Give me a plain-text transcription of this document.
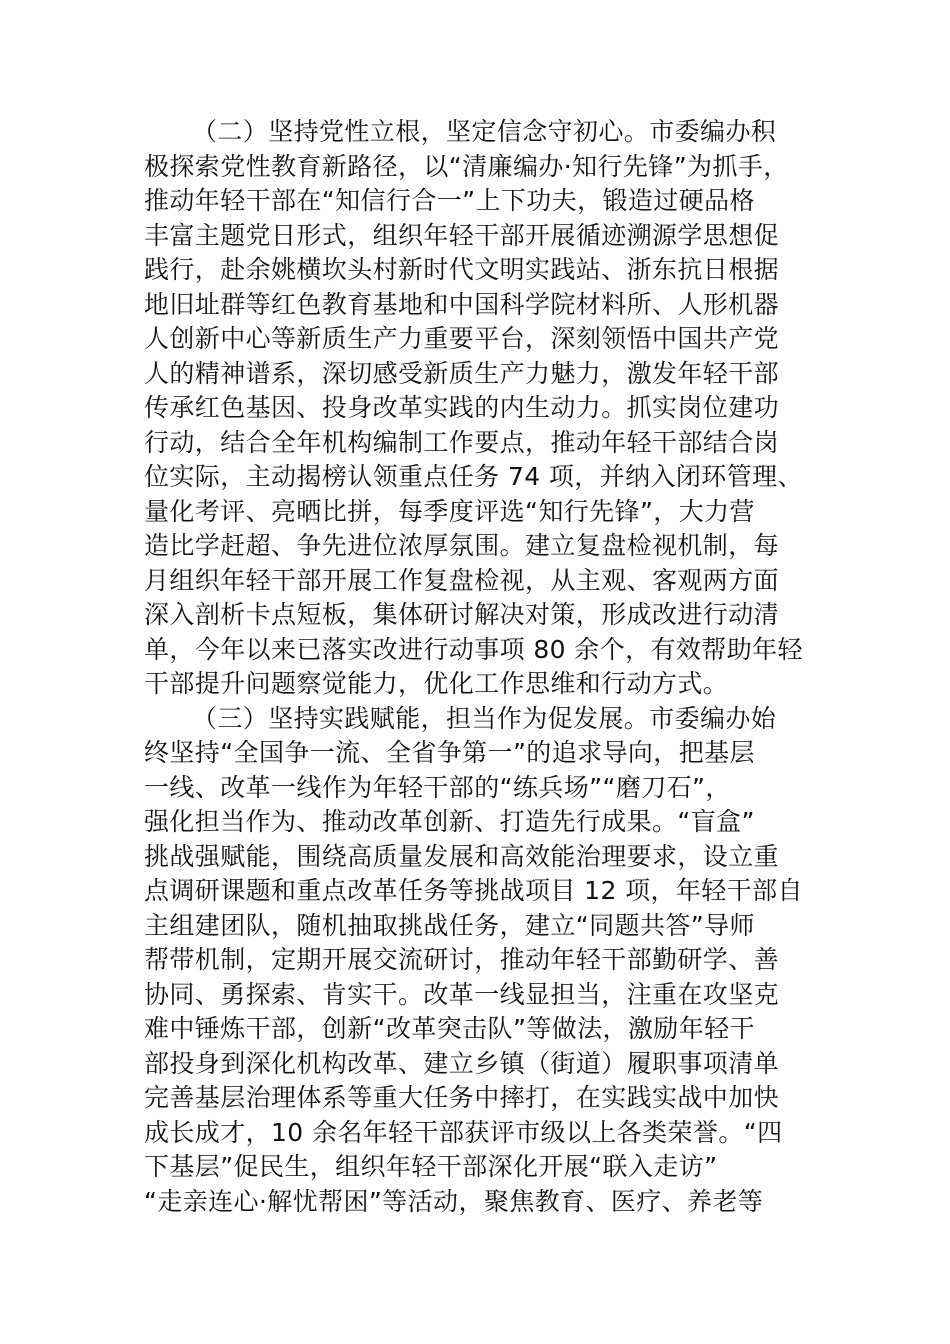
（二）坚持党性立根，坚定信念守初心。市委编办积
极探索党性教育新路径，以“清廉编办·知行先锋”为抓手，
推动年轻干部在“知信行合一”上下功夫，锻造过硬品格
丰富主题党日形式，组织年轻干部开展循迹溯源学思想促
践行，赴余姚横坎头村新时代文明实践站、浙东抗日根据
地旧址群等红色教育基地和中国科学院材料所、人形机器
人创新中心等新质生产力重要平台，深刻领悟中国共产党
人的精神谱系，深切感受新质生产力魅力，激发年轻干部
传承红色基因、投身改革实践的内生动力。抓实岗位建功
行动，结合全年机构编制工作要点，推动年轻干部结合岗
位实际，主动揭榜认领重点任务 74 项，并纳入闭环管理、
量化考评、亮晒比拼，每季度评选“知行先锋”，大力营
造比学赶超、争先进位浓厚氛围。建立复盘检视机制，每
月组织年轻干部开展工作复盘检视，从主观、客观两方面
深入剖析卡点短板，集体研讨解决对策，形成改进行动清
单，今年以来已落实改进行动事项 80 余个，有效帮助年轻
干部提升问题察觉能力，优化工作思维和行动方式。
（三）坚持实践赋能，担当作为促发展。市委编办始
终坚持“全国争一流、全省争第一”的追求导向，把基层
一线、改革一线作为年轻干部的“练兵场”“磨刀石”，
强化担当作为、推动改革创新、打造先行成果。“盲盒”
挑战强赋能，围绕高质量发展和高效能治理要求，设立重
点调研课题和重点改革任务等挑战项目 12 项，年轻干部自
主组建团队，随机抽取挑战任务，建立“同题共答”导师
帮带机制，定期开展交流研讨，推动年轻干部勤研学、善
协同、勇探索、肯实干。改革一线显担当，注重在攻坚克
难中锤炼干部，创新“改革突击队”等做法，激励年轻干
部投身到深化机构改革、建立乡镇（街道）履职事项清单
完善基层治理体系等重大任务中摔打，在实践实战中加快
成长成才，10 余名年轻干部获评市级以上各类荣誉。“四
下基层”促民生，组织年轻干部深化开展“联入走访”
“走亲连心·解忧帮困”等活动，聚焦教育、医疗、养老等
